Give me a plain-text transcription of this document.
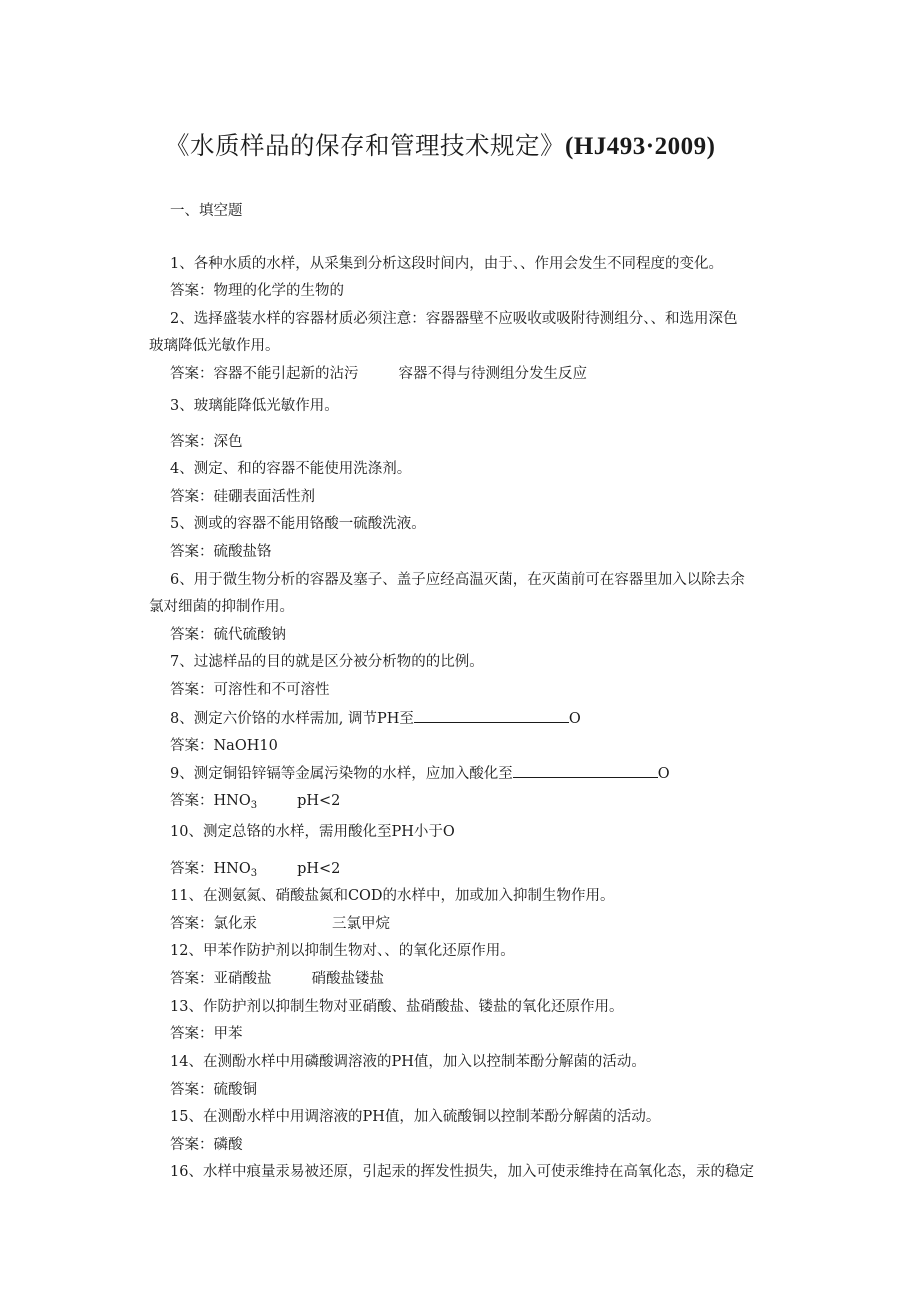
《水质样品的保存和管理技术规定》(HJ493·2009)
一、填空题
1、各种水质的水样，从采集到分析这段时间内，由于、、作用会发生不同程度的变化。
答案：物理的化学的生物的
2、选择盛装水样的容器材质必须注意：容器器壁不应吸收或吸附待测组分、、和选用深色
玻璃降低光敏作用。
答案：容器不能引起新的沾污	容器不得与待测组分发生反应
3、玻璃能降低光敏作用。
答案：深色
4、测定、和的容器不能使用洗涤剂。
答案：硅硼表面活性剂
5、测或的容器不能用铬酸一硫酸洗液。
答案：硫酸盐铬
6、用于微生物分析的容器及塞子、盖子应经高温灭菌，在灭菌前可在容器里加入以除去余
氯对细菌的抑制作用。
答案：硫代硫酸钠
7、过滤样品的目的就是区分被分析物的的比例。
答案：可溶性和不可溶性
8、测定六价铬的水样需加, 调节PH至	O
答案：NaOH10
9、测定铜铅锌镉等金属污染物的水样，应加入酸化至	O
答案：$HNO_3$	pH<2
10、测定总铬的水样，需用酸化至PH小于O
答案：$HNO_3$	pH<2
11、在测氨氮、硝酸盐氮和COD的水样中，加或加入抑制生物作用。
答案：氯化汞	三氯甲烷
12、甲苯作防护剂以抑制生物对、、的氧化还原作用。
答案：亚硝酸盐	硝酸盐镂盐
13、作防护剂以抑制生物对亚硝酸、盐硝酸盐、镂盐的氧化还原作用。
答案：甲苯
14、在测酚水样中用磷酸调溶液的PH值，加入以控制苯酚分解菌的活动。
答案：硫酸铜
15、在测酚水样中用调溶液的PH值，加入硫酸铜以控制苯酚分解菌的活动。
答案：磷酸
16、水样中痕量汞易被还原，引起汞的挥发性损失，加入可使汞维持在高氧化态，汞的稳定
